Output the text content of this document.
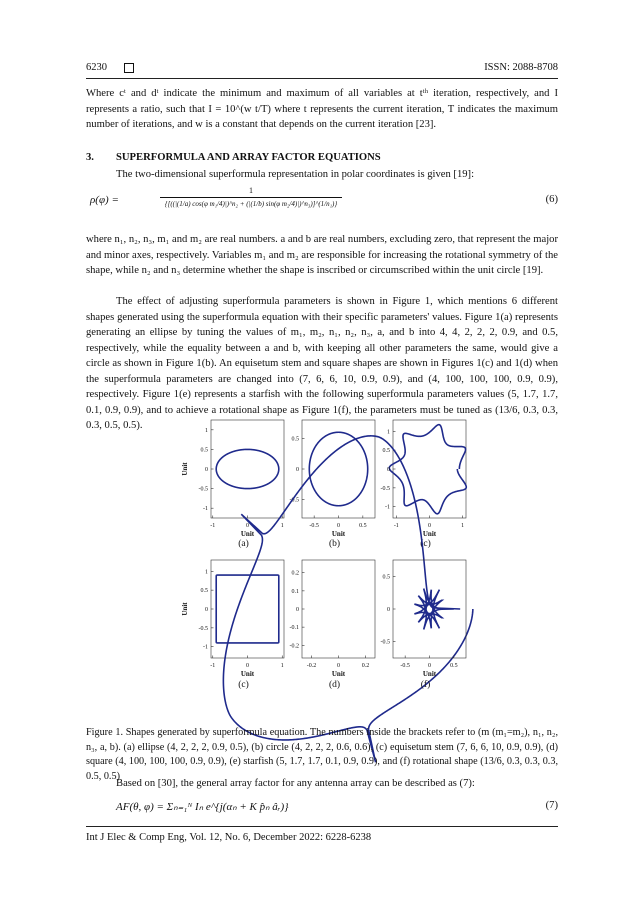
6230	ISSN: 2088-8708

Where cᵗ and dᵗ indicate the minimum and maximum of all variables at tᵗʰ iteration, respectively, and I represents a ratio, such that I = 10^(w t/T) where t represents the current iteration, T indicates the maximum number of iterations, and w is a constant that depends on the current iteration [23].

3. SUPERFORMULA AND ARRAY FACTOR EQUATIONS

The two-dimensional superformula representation in polar coordinates is given [19]:

ρ(φ) =
1
{[((|(1/a) cos(φ m₁/4)|)^n₂ + (|(1/b) sin(φ m₂/4)|)^n₃)]^(1/n₁)}	(6)

where n₁, n₂, n₃, m₁ and m₂ are real numbers. a and b are real numbers, excluding zero, that represent the major and minor axes, respectively. Variables m₁ and m₂ are responsible for increasing the rotational symmetry of the shape, while n₂ and n₃ determine whether the shape is inscribed or circumscribed within the unit circle [19].

The effect of adjusting superformula parameters is shown in Figure 1, which mentions 6 different shapes generated using the superformula equation with their specific parameters' values. Figure 1(a) represents generating an ellipse by tuning the values of m₁, m₂, n₁, n₂, n₃, a, and b into 4, 4, 2, 2, 2, 0.9, and 0.5, respectively, while the equality between a and b, with keeping all other parameters the same, would give a circle as shown in Figure 1(b). An equisetum stem and square shapes are shown in Figures 1(c) and 1(d) when the superformula parameters are changed into (7, 6, 6, 10, 0.9, 0.9), and (4, 100, 100, 100, 0.9, 0.9), respectively. Figure 1(e) represents a starfish with the following superformula parameters values (5, 1.7, 1.7, 0.1, 0.9, 0.9), and to achieve a rotational shape as Figure 1(f), the parameters must be tuned as (13/6, 0.3, 0.3, 0.3, 0.5, 0.5).

-1	0	1
1
0.5
0
-0.5
-1
Unit
Unit
(a)
-0.5	0	0.5
0.5
0
-0.5
Unit
(b)
-1	0	1
1
0.5
0
-0.5
-1
Unit
(c)
-1	0	1
1
0.5
0
-0.5
-1
Unit
Unit
(c)
-0.2	0	0.2
0.2
0.1
0
-0.1
-0.2
Unit
(d)
-0.5	0	0.5
0.5
0
-0.5
Unit
(f)

Figure 1. Shapes generated by superformula equation. The numbers inside the brackets refer to (m (m₁=m₂), n₁, n₂, n₃, a, b). (a) ellipse (4, 2, 2, 2, 0.9, 0.5), (b) circle (4, 2, 2, 2, 0.6, 0.6), (c) equisetum stem (7, 6, 6, 10, 0.9, 0.9), (d) square (4, 100, 100, 100, 0.9, 0.9), (e) starfish (5, 1.7, 1.7, 0.1, 0.9, 0.9), and (f) rotational shape (13/6, 0.3, 0.3, 0.3, 0.5, 0.5)

Based on [30], the general array factor for any antenna array can be described as (7):

AF(θ, φ) = Σₙ₌₁ᴺ Iₙ e^{j(αₙ + K p̂ₙ âᵣ)}	(7)
Int J Elec & Comp Eng, Vol. 12, No. 6, December 2022: 6228-6238
